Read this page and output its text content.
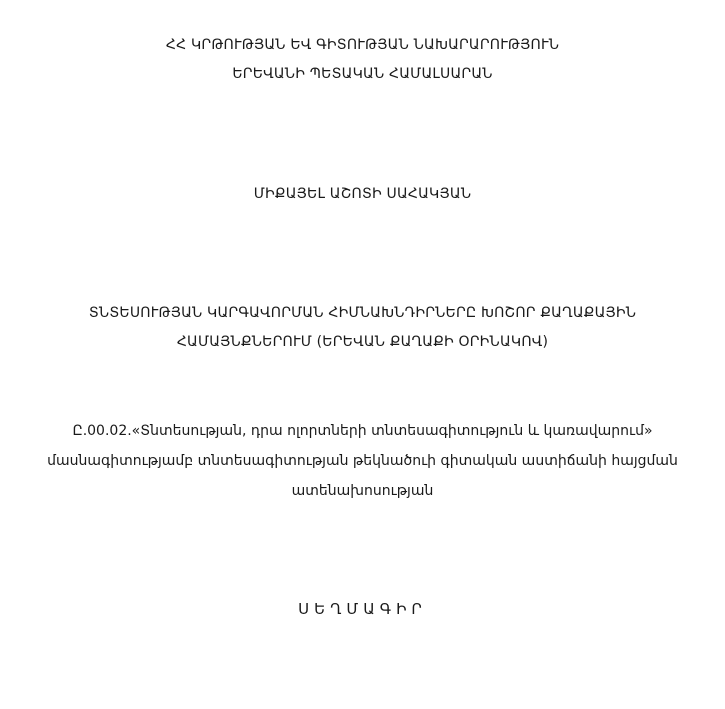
ՀՀ ԿՐԹՈՒԹՅԱՆ ԵՎ ԳԻՏՈՒԹՅԱՆ ՆԱԽԱՐԱՐՈՒԹՅՈՒՆ
ԵՐԵՎԱՆԻ ՊԵՏԱԿԱՆ ՀԱՄԱԼՍԱՐԱՆ
ՄԻՔԱՅԵԼ ԱՇՈՏԻ ՍԱՀԱԿՅԱՆ
ՏՆՏԵՍՈՒԹՅԱՆ ԿԱՐԳԱՎՈՐՄԱՆ ՀԻՄՆԱԽՆԴԻՐՆԵՐԸ ԽՈՇՈՐ ՔԱՂԱՔԱՅԻՆ
ՀԱՄԱՅՆՔՆԵՐՈՒՄ (ԵՐԵՎԱՆ ՔԱՂԱՔԻ ՕՐԻՆԱԿՈՎ)
Ը.00.02.«Տնտեսության, դրա ոլորտների տնտեսագիտություն և կառավարում»
մասնագիտությամբ տնտեսագիտության թեկնածուի գիտական աստիճանի հայցման
ատենախոսության
ՍԵՂՄԱԳԻՐ
